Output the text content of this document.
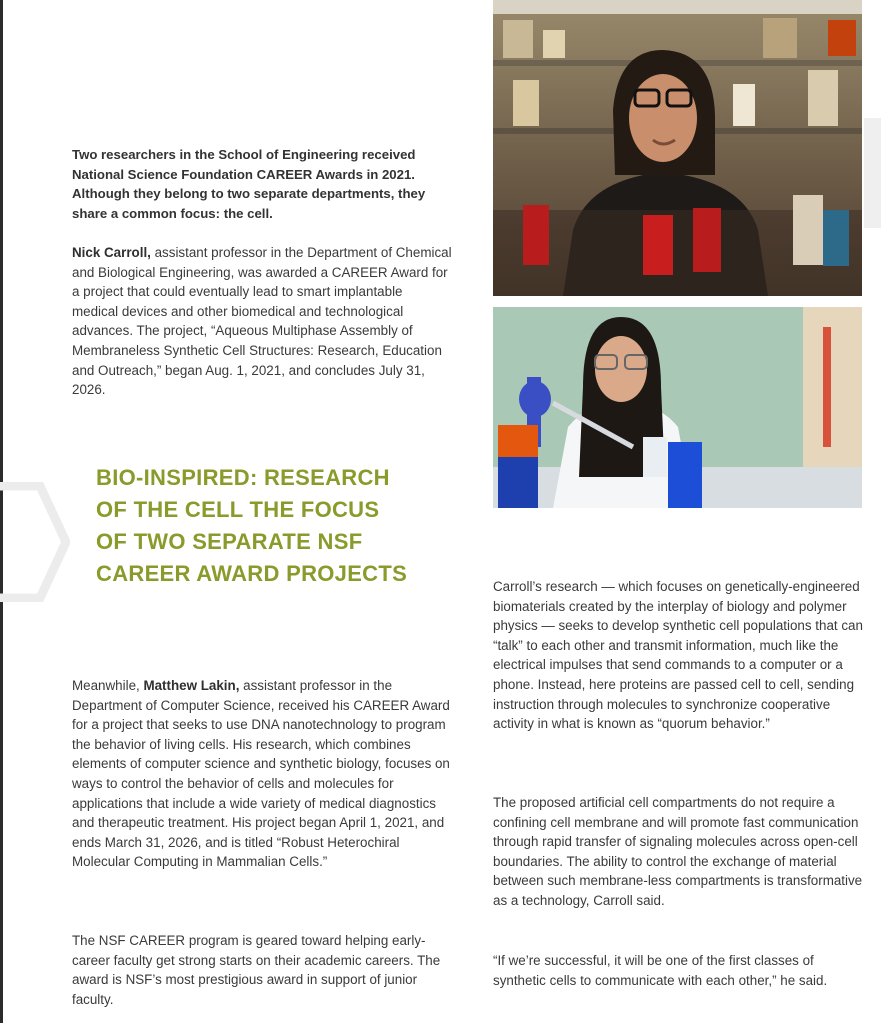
Two researchers in the School of Engineering received National Science Foundation CAREER Awards in 2021. Although they belong to two separate departments, they share a common focus: the cell.

Nick Carroll, assistant professor in the Department of Chemical and Biological Engineering, was awarded a CAREER Award for a project that could eventually lead to smart implantable medical devices and other biomedical and technological advances. The project, “Aqueous Multiphase Assembly of Membraneless Synthetic Cell Structures: Research, Education and Outreach,” began Aug. 1, 2021, and concludes July 31, 2026.

BIO-INSPIRED: RESEARCH OF THE CELL THE FOCUS OF TWO SEPARATE NSF CAREER AWARD PROJECTS

Meanwhile, Matthew Lakin, assistant professor in the Department of Computer Science, received his CAREER Award for a project that seeks to use DNA nanotechnology to program the behavior of living cells. His research, which combines elements of computer science and synthetic biology, focuses on ways to control the behavior of cells and molecules for applications that include a wide variety of medical diagnostics and therapeutic treatment. His project began April 1, 2021, and ends March 31, 2026, and is titled “Robust Heterochiral Molecular Computing in Mammalian Cells.”

The NSF CAREER program is geared toward helping early-career faculty get strong starts on their academic careers. The award is NSF’s most prestigious award in support of junior faculty.

Carroll’s research — which focuses on genetically-engineered biomaterials created by the interplay of biology and polymer physics — seeks to develop synthetic cell populations that can “talk” to each other and transmit information, much like the electrical impulses that send commands to a computer or a phone. Instead, here proteins are passed cell to cell, sending instruction through molecules to synchronize cooperative activity in what is known as “quorum behavior.”

The proposed artificial cell compartments do not require a confining cell membrane and will promote fast communication through rapid transfer of signaling molecules across open-cell boundaries. The ability to control the exchange of material between such membrane-less compartments is transformative as a technology, Carroll said.

“If we’re successful, it will be one of the first classes of synthetic cells to communicate with each other,” he said.
